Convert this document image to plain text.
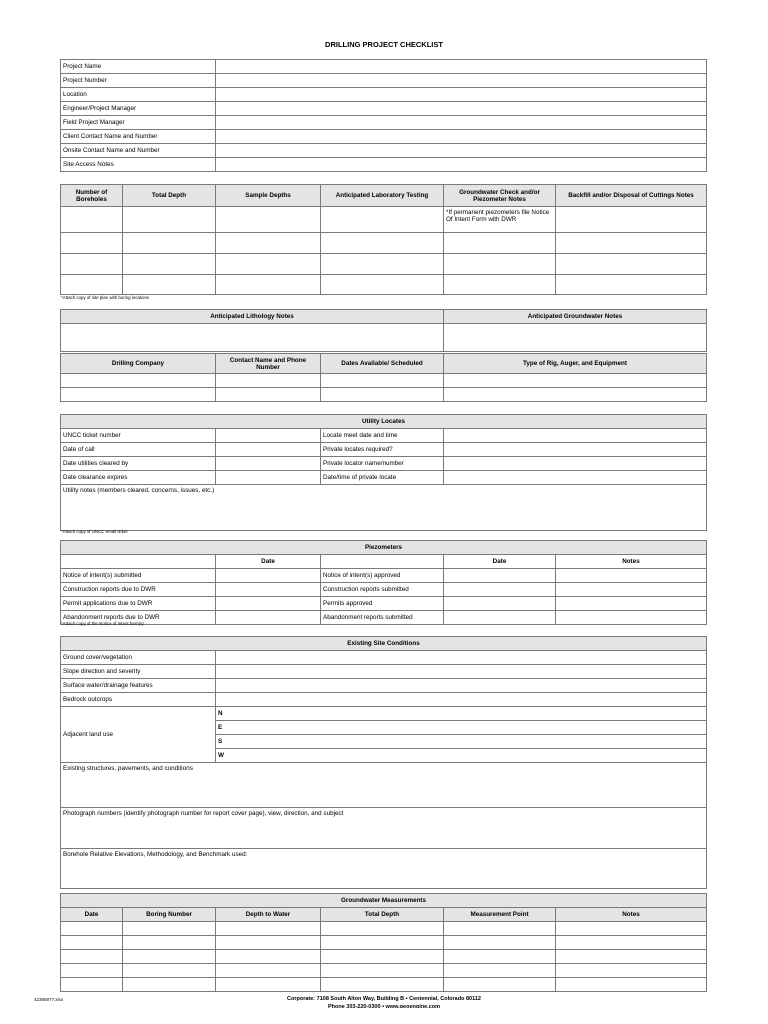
DRILLING PROJECT CHECKLIST
Project Name	
Project Number	
Location	
Engineer/Project Manager	
Field Project Manager	
Client Contact Name and Number	
Onsite Contact Name and Number	
Site Access Notes	
Number of Boreholes	Total Depth	Sample Depths	Anticipated Laboratory Testing	Groundwater Check and/or Piezometer Notes	Backfill and/or Disposal of Cuttings Notes
				*If permanent piezometers file Notice Of Intent Form with DWR	

*Attach copy of site plan with boring locations
Anticipated Lithology Notes	Anticipated Groundwater Notes

Drilling Company	Contact Name and Phone Number	Dates Available/ Scheduled	Type of Rig, Auger, and Equipment

Utility Locates			
UNCC ticket number		Locate meet date and time	
Date of call		Private locates required?	
Date utilities cleared by		Private locator name/number	
Date clearance expires		Date/time of private locate	
Utility notes (members cleared, concerns, issues, etc.)			
*Attach copy of UNCC email ticket
Piezometers				
	Date		Date	Notes
Notice of intent(s) submitted		Notice of intent(s) approved		
Construction reports due to DWR		Construction reports submitted		
Permit applications due to DWR		Permits approved		
Abandonment reports due to DWR		Abandonment reports submitted		
*Attach copy of the Notice of Intent form(s)
Existing Site Conditions	
Ground cover/vegetation	
Slope direction and severity	
Surface water/drainage features	
Bedrock outcrops	
Adjacent land use	N
	E
	S
	W
Existing structures, pavements, and conditions	
Photograph numbers (identify photograph number for report cover page), view, direction, and subject	
Borehole Relative Elevations, Methodology, and Benchmark used:	
Groundwater Measurements					
Date	Boring Number	Depth to Water	Total Depth	Measurement Point	Notes

42366977.xlsx	Corporate: 7108 South Alton Way, Building B • Centennial, Colorado 80112
Phone 303-220-0300 • www.geoengine.com
